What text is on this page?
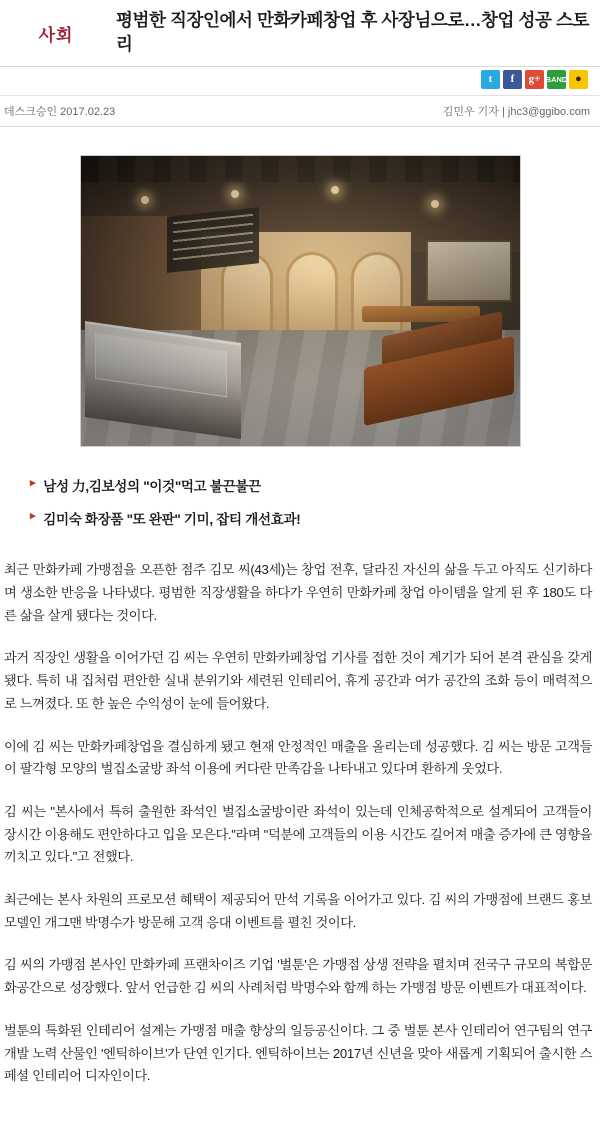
사회
평범한 직장인에서 만화카페창업 후 사장님으로…창업 성공 스토리
t	f	g+ BAND ●
데스크승인 2017.02.23	김민우 기자 | jhc3@ggibo.com
▸ 남성 力,김보성의 "이것"먹고 불끈불끈
▸ 김미숙 화장품 "또 완판" 기미, 잡티 개선효과!

최근 만화카페 가맹점을 오픈한 점주 김모 씨(43세)는 창업 전후, 달라진 자신의 삶을 두고 아직도 신기하다며 생소한 반응을 나타냈다. 평범한 직장생활을 하다가 우연히 만화카페 창업 아이템을 알게 된 후 180도 다른 삶을 살게 됐다는 것이다.

과거 직장인 생활을 이어가던 김 씨는 우연히 만화카페창업 기사를 접한 것이 계기가 되어 본격 관심을 갖게 됐다. 특히 내 집처럼 편안한 실내 분위기와 세련된 인테리어, 휴게 공간과 여가 공간의 조화 등이 매력적으로 느껴졌다. 또 한 높은 수익성이 눈에 들어왔다.

이에 김 씨는 만화카페창업을 결심하게 됐고 현재 안정적인 매출을 올리는데 성공했다. 김 씨는 방문 고객들이 팔각형 모양의 벌집소굴방 좌석 이용에 커다란 만족감을 나타내고 있다며 환하게 웃었다.

김 씨는 "본사에서 특허 출원한 좌석인 벌집소굴방이란 좌석이 있는데 인체공학적으로 설계되어 고객들이 장시간 이용해도 편안하다고 입을 모은다."라며 "덕분에 고객들의 이용 시간도 길어져 매출 증가에 큰 영향을 끼치고 있다."고 전했다.

최근에는 본사 차원의 프로모션 혜택이 제공되어 만석 기록을 이어가고 있다. 김 씨의 가맹점에 브랜드 홍보 모델인 개그맨 박명수가 방문해 고객 응대 이벤트를 펼친 것이다.

김 씨의 가맹점 본사인 만화카페 프랜차이즈 기업 '벌툰'은 가맹점 상생 전략을 펼치며 전국구 규모의 복합문화공간으로 성장했다. 앞서 언급한 김 씨의 사례처럼 박명수와 함께 하는 가맹점 방문 이벤트가 대표적이다.

벌툰의 특화된 인테리어 설계는 가맹점 매출 향상의 일등공신이다. 그 중 벌툰 본사 인테리어 연구팀의 연구개발 노력 산물인 '엔틱하이브'가 단연 인기다. 엔틱하이브는 2017년 신년을 맞아 새롭게 기획되어 출시한 스페셜 인테리어 디자인이다.
